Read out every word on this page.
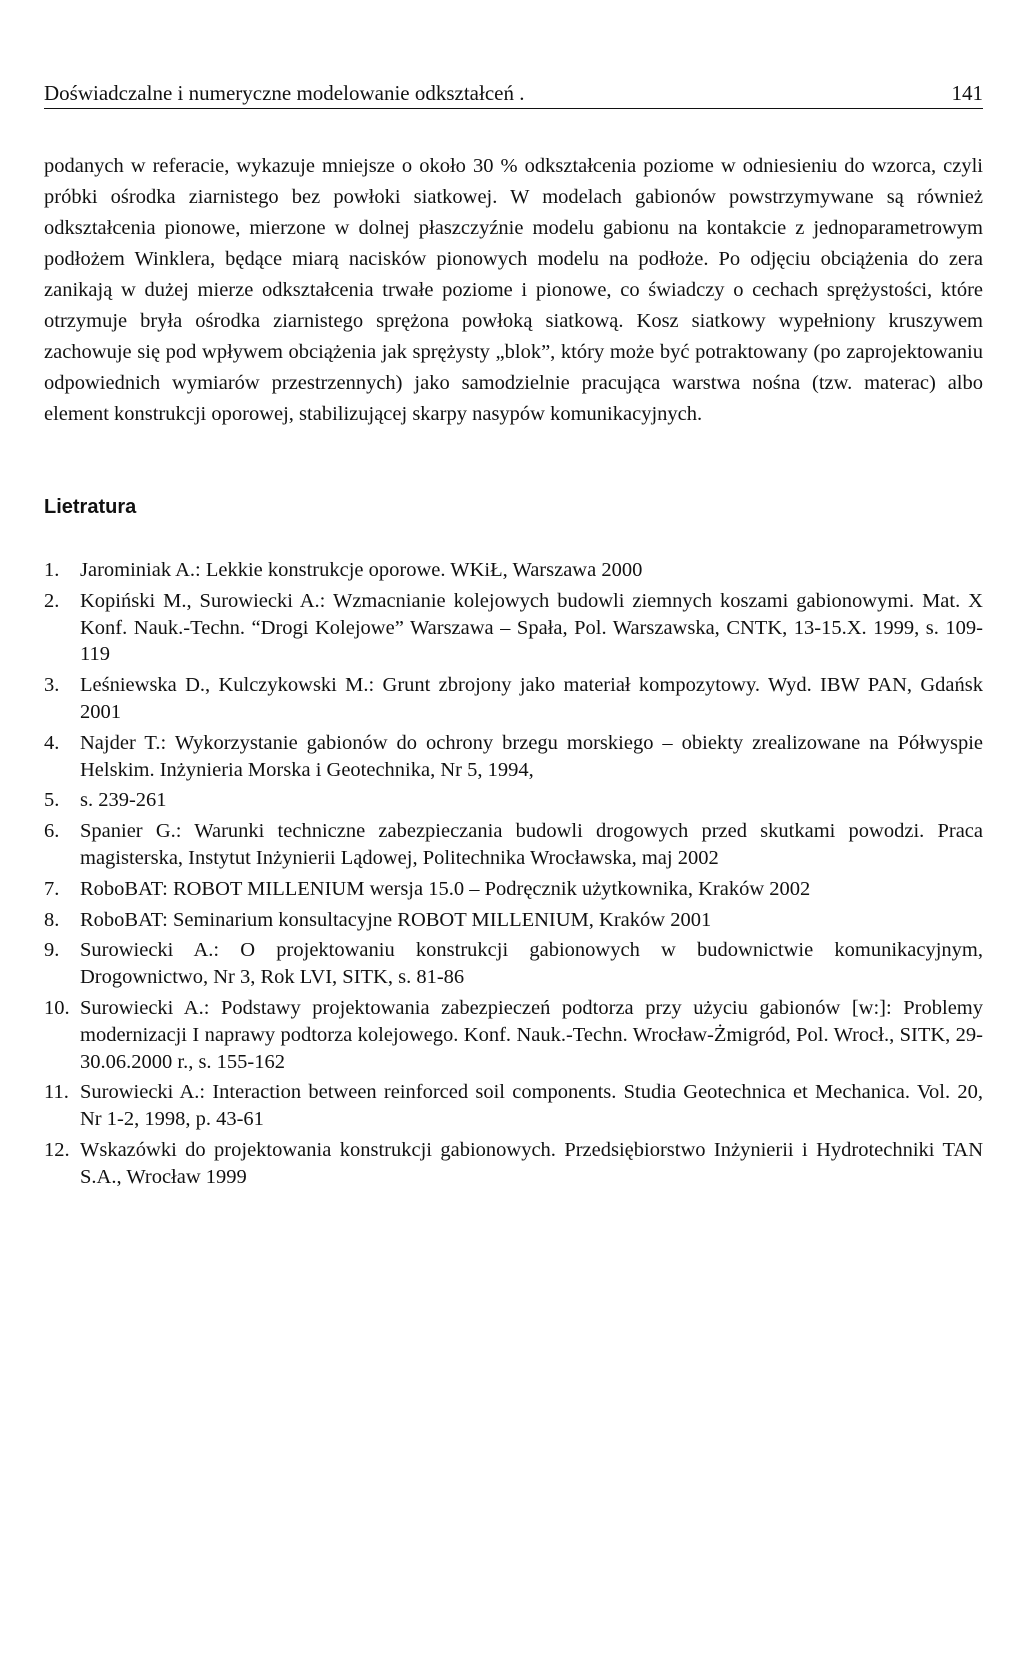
Doświadczalne i numeryczne modelowanie odkształceń .	141

podanych w referacie, wykazuje mniejsze o około 30 % odkształcenia poziome w odniesieniu do wzorca, czyli próbki ośrodka ziarnistego bez powłoki siatkowej. W modelach gabionów powstrzymywane są również odkształcenia pionowe, mierzone w dolnej płaszczyźnie modelu gabionu na kontakcie z jednoparametrowym podłożem Winklera, będące miarą nacisków pionowych modelu na podłoże. Po odjęciu obciążenia do zera zanikają w dużej mierze odkształcenia trwałe poziome i pionowe, co świadczy o cechach sprężystości, które otrzymuje bryła ośrodka ziarnistego sprężona powłoką siatkową. Kosz siatkowy wypełniony kruszywem zachowuje się pod wpływem obciążenia jak sprężysty „blok”, który może być potraktowany (po zaprojektowaniu odpowiednich wymiarów przestrzennych) jako samodzielnie pracująca warstwa nośna (tzw. materac) albo element konstrukcji oporowej, stabilizującej skarpy nasypów komunikacyjnych.

Lietratura
1.	Jarominiak A.: Lekkie konstrukcje oporowe. WKiŁ, Warszawa 2000
2.	Kopiński M., Surowiecki A.: Wzmacnianie kolejowych budowli ziemnych koszami gabionowymi. Mat. X Konf. Nauk.-Techn. “Drogi Kolejowe” Warszawa – Spała, Pol. Warszawska, CNTK, 13-15.X. 1999, s. 109-119
3.	Leśniewska D., Kulczykowski M.: Grunt zbrojony jako materiał kompozytowy. Wyd. IBW PAN, Gdańsk 2001
4.	Najder T.: Wykorzystanie gabionów do ochrony brzegu morskiego – obiekty zrealizowane na Półwyspie Helskim. Inżynieria Morska i Geotechnika, Nr 5, 1994,
5.	s. 239-261
6.	Spanier G.: Warunki techniczne zabezpieczania budowli drogowych przed skutkami powodzi. Praca magisterska, Instytut Inżynierii Lądowej, Politechnika Wrocławska, maj 2002
7.	RoboBAT: ROBOT MILLENIUM wersja 15.0 – Podręcznik użytkownika, Kraków 2002
8.	RoboBAT: Seminarium konsultacyjne ROBOT MILLENIUM, Kraków 2001
9.	Surowiecki A.: O projektowaniu konstrukcji gabionowych w budownictwie komunikacyjnym, Drogownictwo, Nr 3, Rok LVI, SITK, s. 81-86
10. Surowiecki A.: Podstawy projektowania zabezpieczeń podtorza przy użyciu gabionów [w:]: Problemy modernizacji I naprawy podtorza kolejowego. Konf. Nauk.-Techn. Wrocław-Żmigród, Pol. Wrocł., SITK, 29-30.06.2000 r., s. 155-162
11. Surowiecki A.: Interaction between reinforced soil components. Studia Geotechnica et Mechanica. Vol. 20, Nr 1-2, 1998, p. 43-61
12. Wskazówki do projektowania konstrukcji gabionowych. Przedsiębiorstwo Inżynierii i Hydrotechniki TAN S.A., Wrocław 1999
